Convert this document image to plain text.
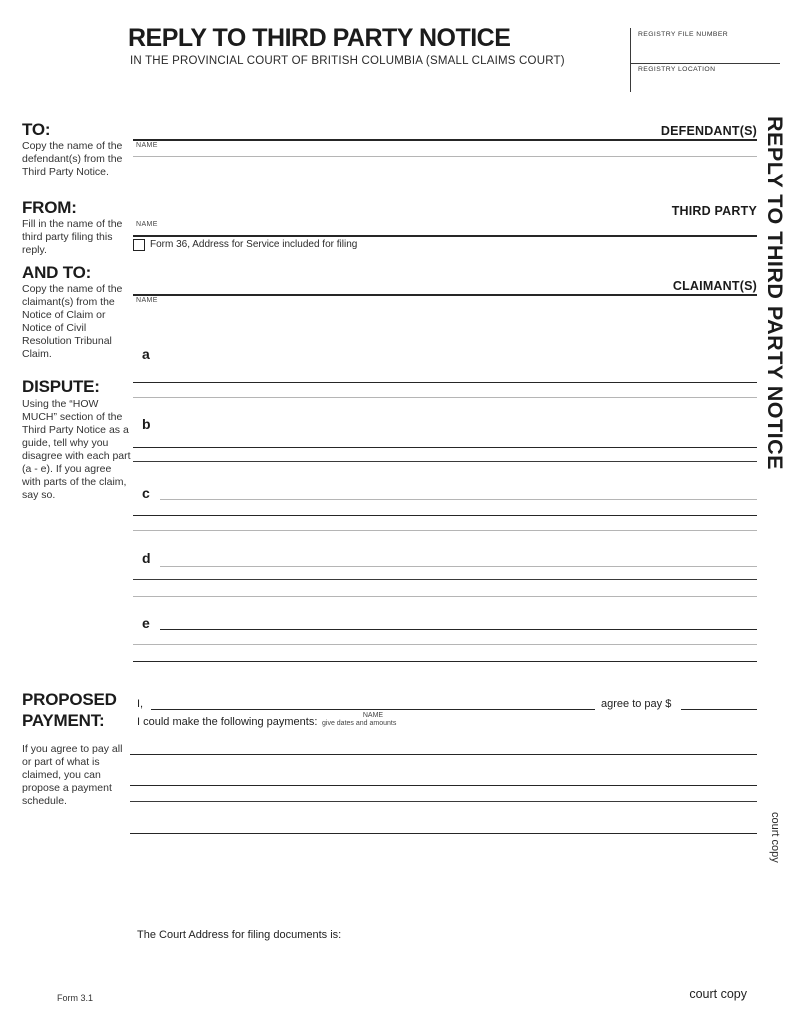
REPLY TO THIRD PARTY NOTICE
IN THE PROVINCIAL COURT OF BRITISH COLUMBIA (SMALL CLAIMS COURT)
REGISTRY FILE NUMBER
REGISTRY LOCATION
TO:
Copy the name of the defendant(s) from the Third Party Notice.
DEFENDANT(S)
NAME
FROM:
Fill in the name of the third party filing this reply.
THIRD PARTY
NAME
Form 36, Address for Service included for filing
AND TO:
Copy the name of the claimant(s) from the Notice of Claim or Notice of Civil Resolution Tribunal Claim.
CLAIMANT(S)
NAME
DISPUTE:
Using the “HOW MUCH” section of the Third Party Notice as a guide, tell why you disagree with each part (a - e). If you agree with parts of the claim, say so.
a
b
c
d
e
PROPOSED
PAYMENT:
I,
NAME
agree to pay $
I could make the following payments: give dates and amounts
If you agree to pay all or part of what is claimed, you can propose a payment schedule.
The Court Address for filing documents is:
Form 3.1	court copy
REPLY TO THIRD PARTY NOTICE
court copy
